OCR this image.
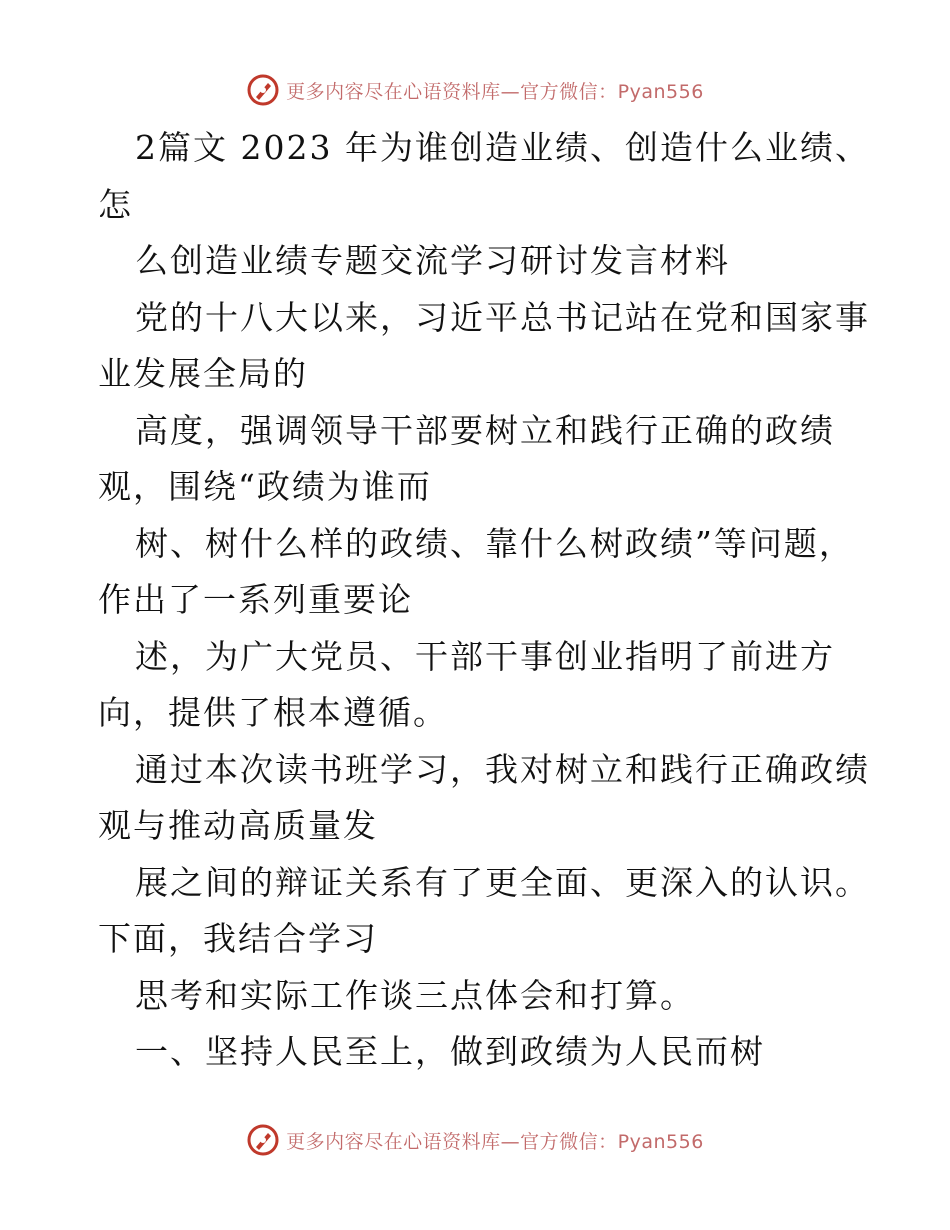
更多内容尽在心语资料库—官方微信：Pyan556
2篇文 2023 年为谁创造业绩、创造什么业绩、
怎
么创造业绩专题交流学习研讨发言材料
党的十八大以来，习近平总书记站在党和国家事
业发展全局的
高度，强调领导干部要树立和践行正确的政绩
观，围绕“政绩为谁而
树、树什么样的政绩、靠什么树政绩”等问题，
作出了一系列重要论
述，为广大党员、干部干事创业指明了前进方
向，提供了根本遵循。
通过本次读书班学习，我对树立和践行正确政绩
观与推动高质量发
展之间的辩证关系有了更全面、更深入的认识。
下面，我结合学习
思考和实际工作谈三点体会和打算。
一、坚持人民至上，做到政绩为人民而树
更多内容尽在心语资料库—官方微信：Pyan556
